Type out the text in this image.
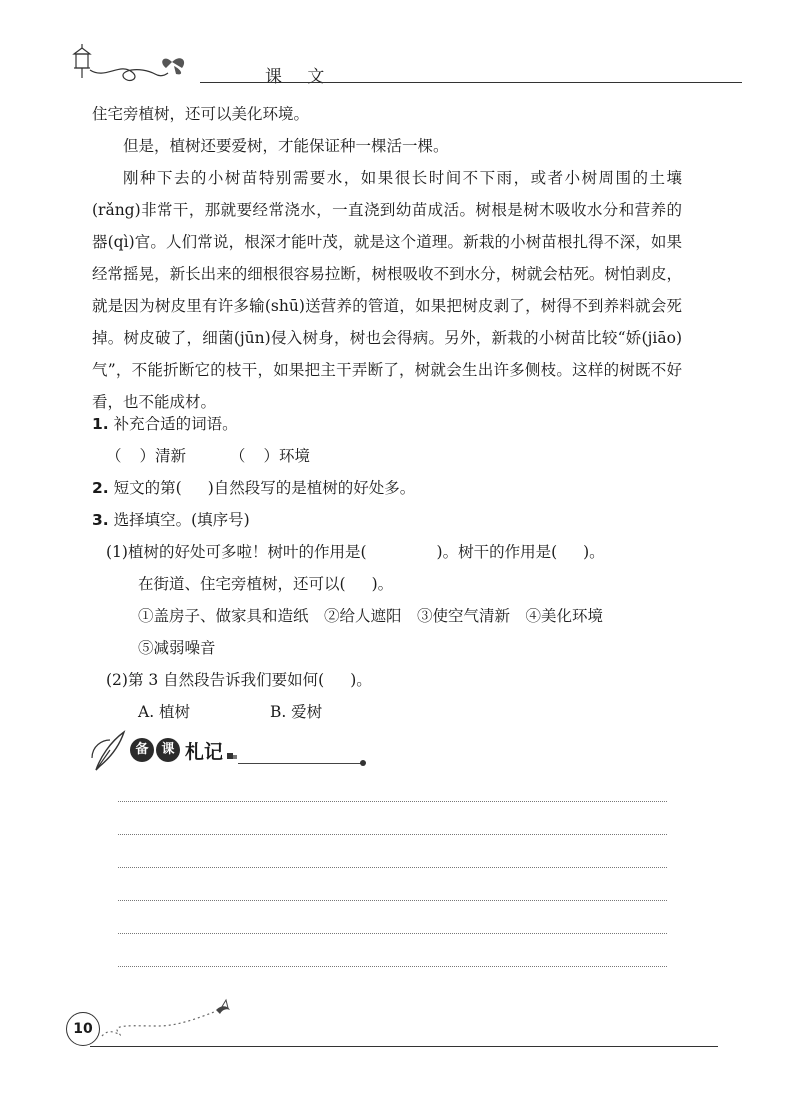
课 文

住宅旁植树，还可以美化环境。

但是，植树还要爱树，才能保证种一棵活一棵。

刚种下去的小树苗特别需要水，如果很长时间不下雨，或者小树周围的土壤(rǎng)非常干，那就要经常浇水，一直浇到幼苗成活。树根是树木吸收水分和营养的器(qì)官。人们常说，根深才能叶茂，就是这个道理。新栽的小树苗根扎得不深，如果经常摇晃，新长出来的细根很容易拉断，树根吸收不到水分，树就会枯死。树怕剥皮，就是因为树皮里有许多输(shū)送营养的管道，如果把树皮剥了，树得不到养料就会死掉。树皮破了，细菌(jūn)侵入树身，树也会得病。另外，新栽的小树苗比较“娇(jiāo)气”，不能折断它的枝干，如果把主干弄断了，树就会生出许多侧枝。这样的树既不好看，也不能成材。

1. 补充合适的词语。
（ ）清新	（ ）环境
2. 短文的第( )自然段写的是植树的好处多。
3. 选择填空。(填序号)
(1)植树的好处可多啦！树叶的作用是(	)。树干的作用是( )。
在街道、住宅旁植树，还可以( )。
①盖房子、做家具和造纸　②给人遮阳　③使空气清新　④美化环境
⑤减弱噪音
(2)第 3 自然段告诉我们要如何( )。
A. 植树	B. 爱树
备 课 札记
10
